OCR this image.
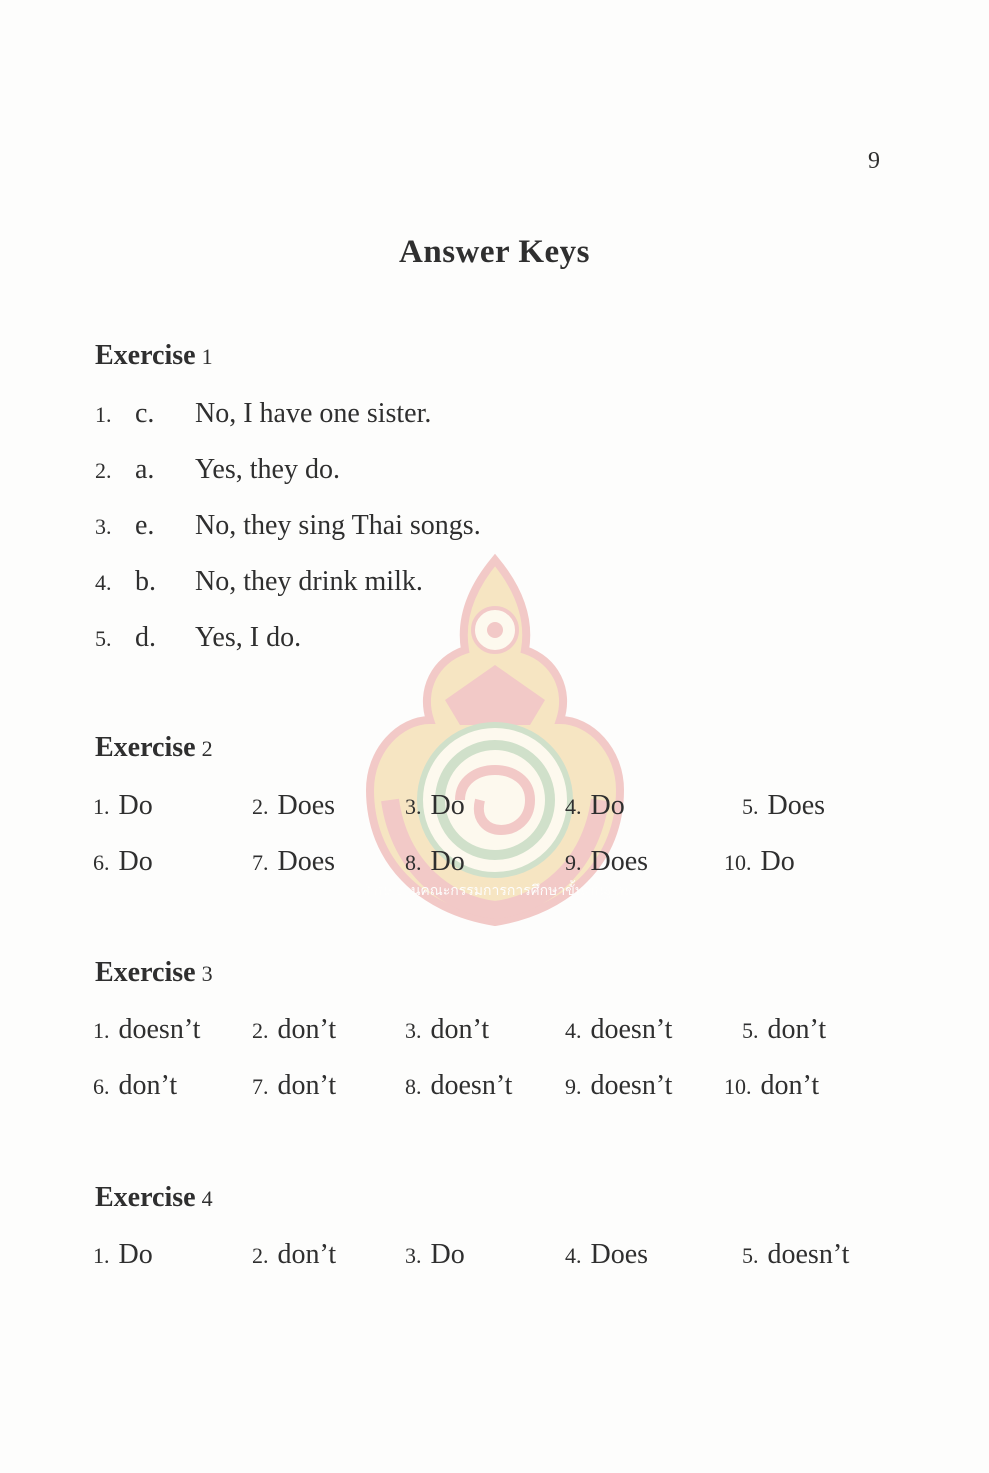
สำนักงานคณะกรรมการการศึกษาขั้นพื้นฐาน
9
Answer Keys
Exercise 1
1. c. No, I have one sister.
2. a. Yes, they do.
3. e. No, they sing Thai songs.
4. b. No, they drink milk.
5. d. Yes, I do.
Exercise 2
1. Do	2. Does	3. Do	4. Do	5. Does
6. Do	7. Does	8. Do	9. Does	10. Do
Exercise 3
1. doesn’t 2. don’t	3. don’t	4. doesn’t	5. don’t
6. don’t	7. don’t	8. doesn’t 9. doesn’t 10. don’t
Exercise 4
1. Do	2. don’t	3. Do	4. Does	5. doesn’t
